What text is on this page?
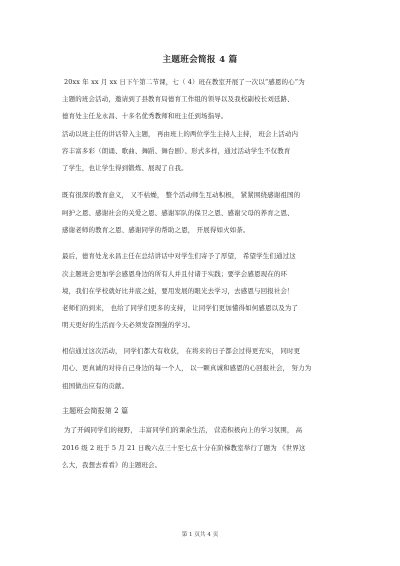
主题班会简报 4 篇
20xx 年 xx 月 xx 日下午第二节课，七（ 4）班在教室开展了一次以“感恩的心”为
主题的班会活动，邀请到了县教育局德育工作组的领导以及我校副校长刘廷路、
德育处主任龙永昌、十多名优秀教师和班主任到场指导。
活动以班主任的讲话带入主题， 再由班上的两位学生主持人主持， 班会上活动内
容丰富多彩（朗诵、歌曲、舞蹈、舞台剧）、形式多样，通过活动学生不仅教育
了学生，也让学生得到锻炼、展现了自我。
既有很深的教育意义， 又不枯燥， 整个活动师生互动积极， 紧紧围绕感谢祖国的
呵护之恩、感谢社会的关爱之恩、感谢军队的保卫之恩、感谢父母的养育之恩、
感谢老师的教育之恩、感谢同学的帮助之恩， 开展得如火如荼。
最后，德育处龙永昌主任在总结讲话中对学生们寄予了厚望， 希望学生们通过这
次主题班会更加学会感恩身边的所有人并且付诸于实践；要学会感恩现在的环
境，我们在学校就好比井底之蛙，要用发展的眼光去学习，去感恩与回报社会！
老师们的到来， 也给了同学们更多的支持， 让同学们更加懂得如何感恩以及为了
明天更好的生活而今天必须发奋图强的学习。
相信通过这次活动， 同学们都大有收获， 在将来的日子都会过得更充实， 同时更
用心、更真诚的对待自己身边的每一个人， 以一颗真诚和感恩的心回报社会， 努力为
祖国做出应有的贡献。
主题班会简报第 2 篇
为了开阔同学们的视野， 丰富同学们的课余生活， 营造积极向上的学习氛围， 高
2016 级 2 班于 5 月 21 日晚六点三十至七点十分在阶梯教室举行了题为 《世界这
么大，我想去看看》的主题班会。
第 1 页共 4 页
